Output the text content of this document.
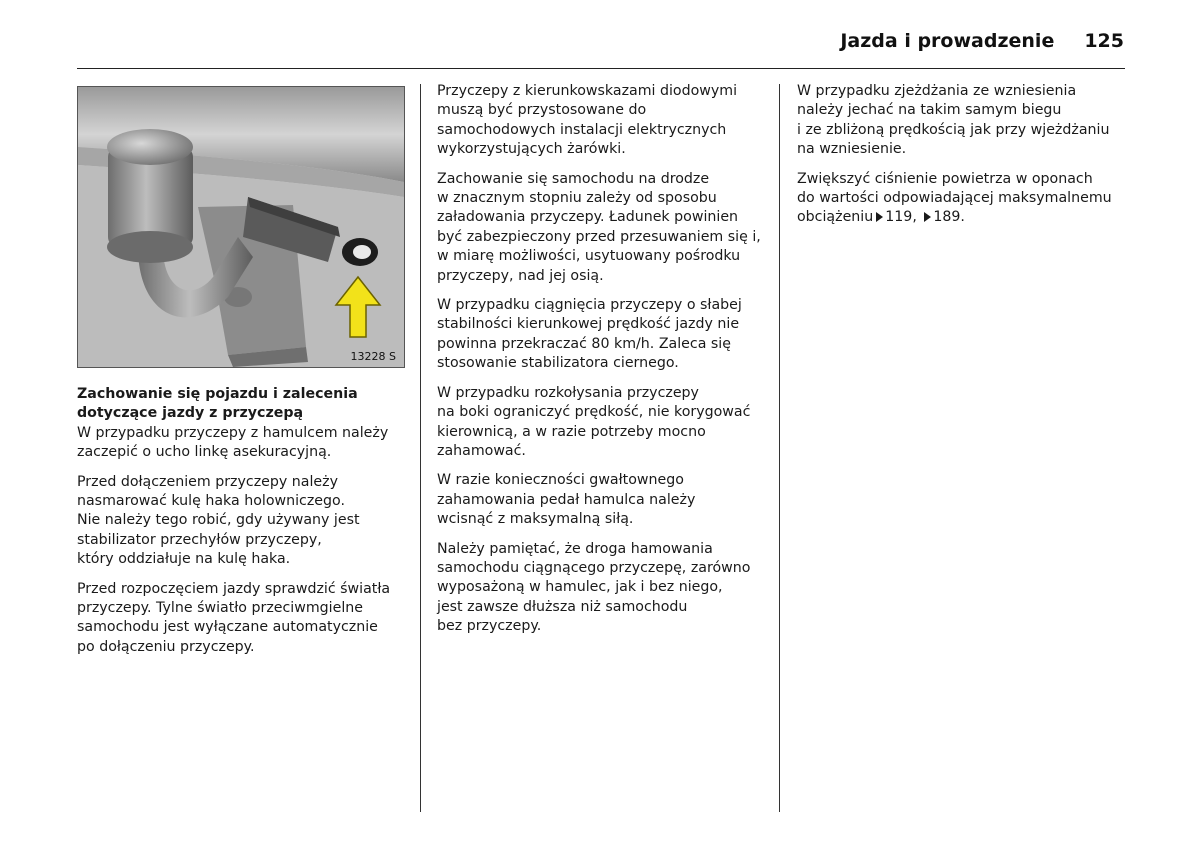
Jazda i prowadzenie 125
13228 S
Zachowanie się pojazdu i zalecenia
dotyczące jazdy z przyczepą

W przypadku przyczepy z hamulcem należy
zaczepić o ucho linkę asekuracyjną.

Przed dołączeniem przyczepy należy
nasmarować kulę haka holowniczego.
Nie należy tego robić, gdy używany jest
stabilizator przechyłów przyczepy,
który oddziałuje na kulę haka.

Przed rozpoczęciem jazdy sprawdzić światła
przyczepy. Tylne światło przeciwmgielne
samochodu jest wyłączane automatycznie
po dołączeniu przyczepy.

Przyczepy z kierunkowskazami diodowymi
muszą być przystosowane do
samochodowych instalacji elektrycznych
wykorzystujących żarówki.

Zachowanie się samochodu na drodze
w znacznym stopniu zależy od sposobu
załadowania przyczepy. Ładunek powinien
być zabezpieczony przed przesuwaniem się i,
w miarę możliwości, usytuowany pośrodku
przyczepy, nad jej osią.

W przypadku ciągnięcia przyczepy o słabej
stabilności kierunkowej prędkość jazdy nie
powinna przekraczać 80 km/h. Zaleca się
stosowanie stabilizatora ciernego.

W przypadku rozkołysania przyczepy
na boki ograniczyć prędkość, nie korygować
kierownicą, a w razie potrzeby mocno
zahamować.

W razie konieczności gwałtownego
zahamowania pedał hamulca należy
wcisnąć z maksymalną siłą.

Należy pamiętać, że droga hamowania
samochodu ciągnącego przyczepę, zarówno
wyposażoną w hamulec, jak i bez niego,
jest zawsze dłuższa niż samochodu
bez przyczepy.

W przypadku zjeżdżania ze wzniesienia
należy jechać na takim samym biegu
i ze zbliżoną prędkością jak przy wjeżdżaniu
na wzniesienie.

Zwiększyć ciśnienie powietrza w oponach
do wartości odpowiadającej maksymalnemu
obciążeniu 119, 189.
